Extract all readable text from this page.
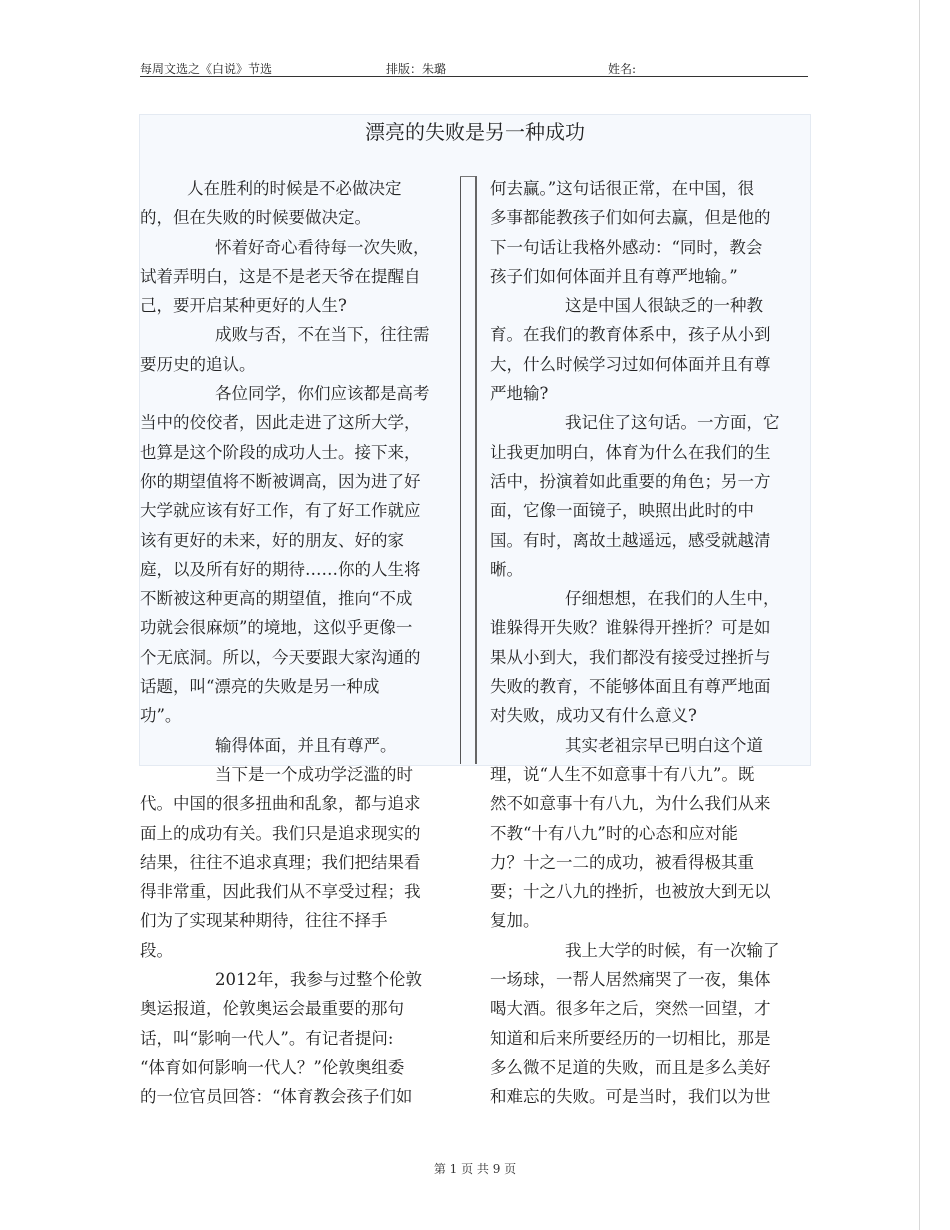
每周文选之《白说》节选	排版：朱璐	姓名:
漂亮的失败是另一种成功
人在胜利的时候是不必做决定
的，但在失败的时候要做决定。
怀着好奇心看待每一次失败，
试着弄明白，这是不是老天爷在提醒自
己，要开启某种更好的人生?
成败与否，不在当下，往往需
要历史的追认。
各位同学，你们应该都是高考
当中的佼佼者，因此走进了这所大学，
也算是这个阶段的成功人士。接下来，
你的期望值将不断被调高，因为进了好
大学就应该有好工作，有了好工作就应
该有更好的未来，好的朋友、好的家
庭，以及所有好的期待……你的人生将
不断被这种更高的期望值，推向“不成
功就会很麻烦”的境地，这似乎更像一
个无底洞。所以，今天要跟大家沟通的
话题，叫“漂亮的失败是另一种成
功”。
输得体面，并且有尊严。
当下是一个成功学泛滥的时
代。中国的很多扭曲和乱象，都与追求
面上的成功有关。我们只是追求现实的
结果，往往不追求真理；我们把结果看
得非常重，因此我们从不享受过程；我
们为了实现某种期待，往往不择手
段。
2012年，我参与过整个伦敦
奥运报道，伦敦奥运会最重要的那句
话，叫“影响一代人”。有记者提问:
“体育如何影响一代人？”伦敦奥组委
的一位官员回答：“体育教会孩子们如
何去赢。”这句话很正常，在中国，很
多事都能教孩子们如何去赢，但是他的
下一句话让我格外感动：“同时，教会
孩子们如何体面并且有尊严地输。”
这是中国人很缺乏的一种教
育。在我们的教育体系中，孩子从小到
大，什么时候学习过如何体面并且有尊
严地输?
我记住了这句话。一方面，它
让我更加明白，体育为什么在我们的生
活中，扮演着如此重要的角色；另一方
面，它像一面镜子，映照出此时的中
国。有时，离故土越遥远，感受就越清
晰。
仔细想想，在我们的人生中，
谁躲得开失败？谁躲得开挫折？可是如
果从小到大，我们都没有接受过挫折与
失败的教育，不能够体面且有尊严地面
对失败，成功又有什么意义?
其实老祖宗早已明白这个道
理，说“人生不如意事十有八九”。既
然不如意事十有八九，为什么我们从来
不教“十有八九”时的心态和应对能
力？十之一二的成功，被看得极其重
要；十之八九的挫折，也被放大到无以
复加。
我上大学的时候，有一次输了
一场球，一帮人居然痛哭了一夜，集体
喝大酒。很多年之后，突然一回望，才
知道和后来所要经历的一切相比，那是
多么微不足道的失败，而且是多么美好
和难忘的失败。可是当时，我们以为世
第 1 页 共 9 页
